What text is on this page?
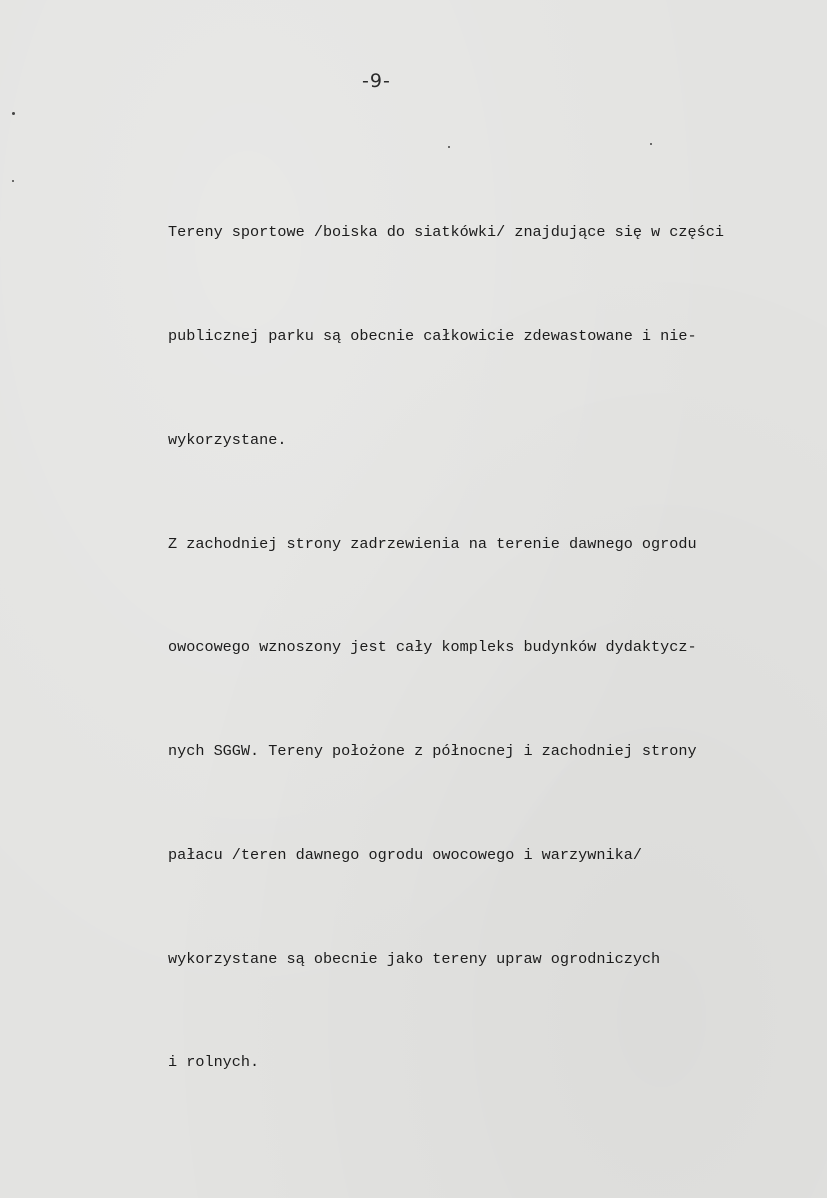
-9-

Tereny sportowe /boiska do siatkówki/ znajdujące się w części

publicznej parku są obecnie całkowicie zdewastowane i nie-

wykorzystane.

Z zachodniej strony zadrzewienia na terenie dawnego ogrodu

owocowego wznoszony jest cały kompleks budynków dydaktycz-

nych SGGW. Tereny położone z północnej i zachodniej strony

pałacu /teren dawnego ogrodu owocowego i warzywnika/

wykorzystane są obecnie jako tereny upraw ogrodniczych

i rolnych.
